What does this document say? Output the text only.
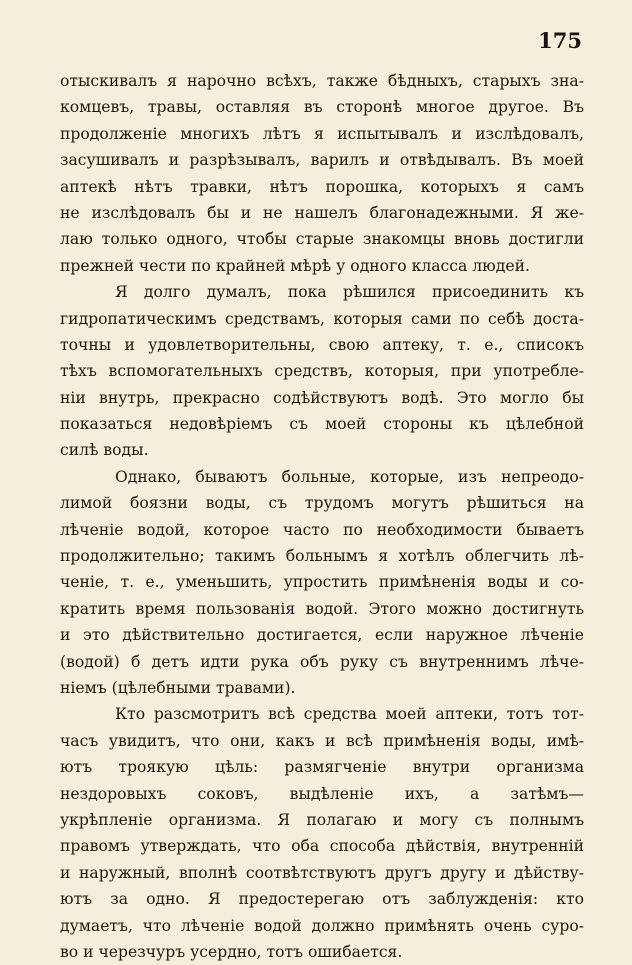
175
отыскивалъ я нарочно всѣхъ, также бѣдныхъ, старыхъ зна-
комцевъ, травы, оставляя въ сторонѣ многое другое. Въ
продолженіе многихъ лѣтъ я испытывалъ и изслѣдовалъ,
засушивалъ и разрѣзывалъ, варилъ и отвѣдывалъ. Въ моей
аптекѣ нѣтъ травки, нѣтъ порошка, которыхъ я самъ
не изслѣдовалъ бы и не нашелъ благонадежными. Я же-
лаю только одного, чтобы старые знакомцы вновь достигли
прежней чести по крайней мѣрѣ у одного класса людей.
Я долго думалъ, пока рѣшился присоединить къ
гидропатическимъ средствамъ, которыя сами по себѣ доста-
точны и удовлетворительны, свою аптеку, т. е., списокъ
тѣхъ вспомогательныхъ средствъ, которыя, при употребле-
ніи внутрь, прекрасно содѣйствуютъ водѣ. Это могло бы
показаться недовѣріемъ съ моей стороны къ цѣлебной
силѣ воды.
Однако, бываютъ больные, которые, изъ непреодо-
лимой боязни воды, съ трудомъ могутъ рѣшиться на
лѣченіе водой, которое часто по необходимости бываетъ
продолжительно; такимъ больнымъ я хотѣлъ облегчить лѣ-
ченіе, т. е., уменьшить, упростить примѣненія воды и со-
кратить время пользованія водой. Этого можно достигнуть
и это дѣйствительно достигается, если наружное лѣченіе
(водой) б детъ идти рука объ руку съ внутреннимъ лѣче-
ніемъ (цѣлебными травами).
Кто разсмотритъ всѣ средства моей аптеки, тотъ тот-
часъ увидитъ, что они, какъ и всѣ примѣненія воды, имѣ-
ютъ троякую цѣль: размягченіе внутри организма
нездоровыхъ соковъ, выдѣленіе ихъ, а затѣмъ—
укрѣпленіе организма. Я полагаю и могу съ полнымъ
правомъ утверждать, что оба способа дѣйствія, внутренній
и наружный, вполнѣ соотвѣтствуютъ другъ другу и дѣйству-
ютъ за одно. Я предостерегаю отъ заблужденія: кто
думаетъ, что лѣченіе водой должно примѣнять очень суро-
во и черезчуръ усердно, тотъ ошибается.
